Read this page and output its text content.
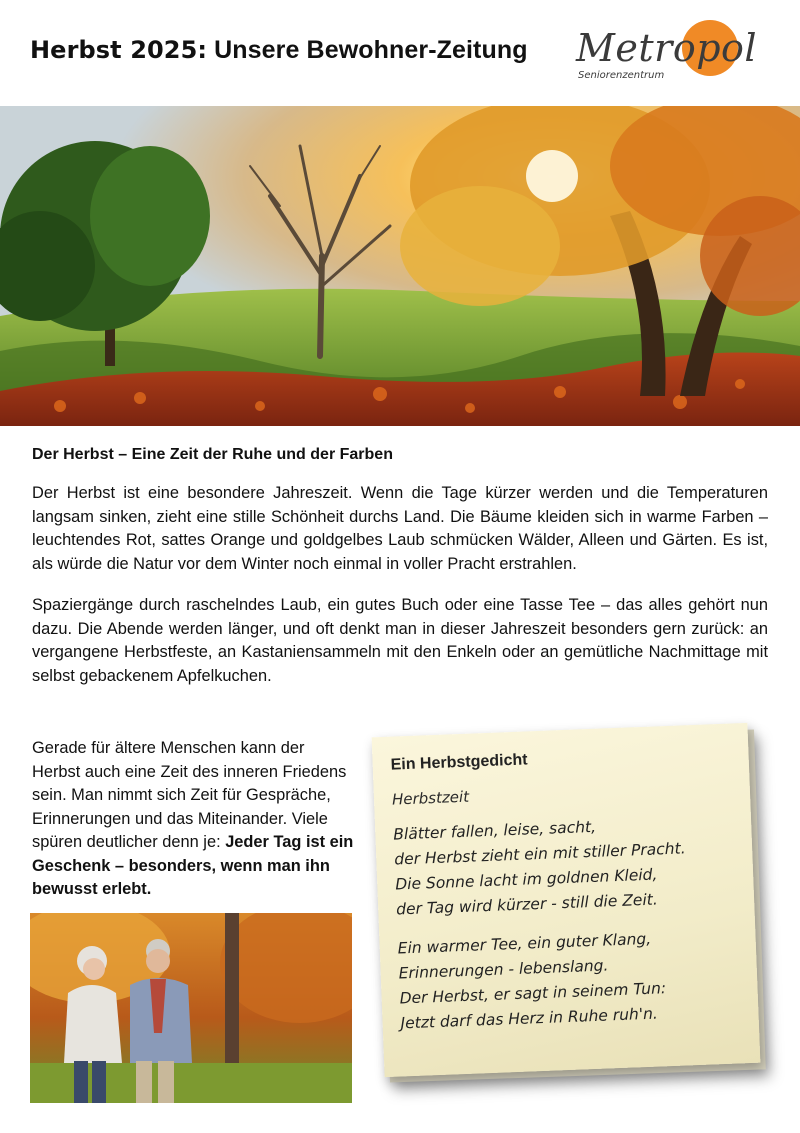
Herbst 2025: Unsere Bewohner-Zeitung Metropol
Seniorenzentrum
Der Herbst – Eine Zeit der Ruhe und der Farben

Der Herbst ist eine besondere Jahreszeit. Wenn die Tage kürzer werden und die Temperaturen langsam sinken, zieht eine stille Schönheit durchs Land. Die Bäume kleiden sich in warme Farben – leuchtendes Rot, sattes Orange und goldgelbes Laub schmücken Wälder, Alleen und Gärten. Es ist, als würde die Natur vor dem Winter noch einmal in voller Pracht erstrahlen.

Spaziergänge durch raschelndes Laub, ein gutes Buch oder eine Tasse Tee – das alles gehört nun dazu. Die Abende werden länger, und oft denkt man in dieser Jahreszeit besonders gern zurück: an vergangene Herbstfeste, an Kastaniensammeln mit den Enkeln oder an gemütliche Nachmittage mit selbst gebackenem Apfelkuchen.

Gerade für ältere Menschen kann der Herbst auch eine Zeit des inneren Friedens sein. Man nimmt sich Zeit für Gespräche, Erinnerungen und das Miteinander. Viele spüren deutlicher denn je: Jeder Tag ist ein Geschenk – besonders, wenn man ihn bewusst erlebt.

Ein Herbstgedicht
Herbstzeit
Blätter fallen, leise, sacht,
der Herbst zieht ein mit stiller Pracht.
Die Sonne lacht im goldnen Kleid,
der Tag wird kürzer - still die Zeit.
Ein warmer Tee, ein guter Klang,
Erinnerungen - lebenslang.
Der Herbst, er sagt in seinem Tun:
Jetzt darf das Herz in Ruhe ruh'n.
